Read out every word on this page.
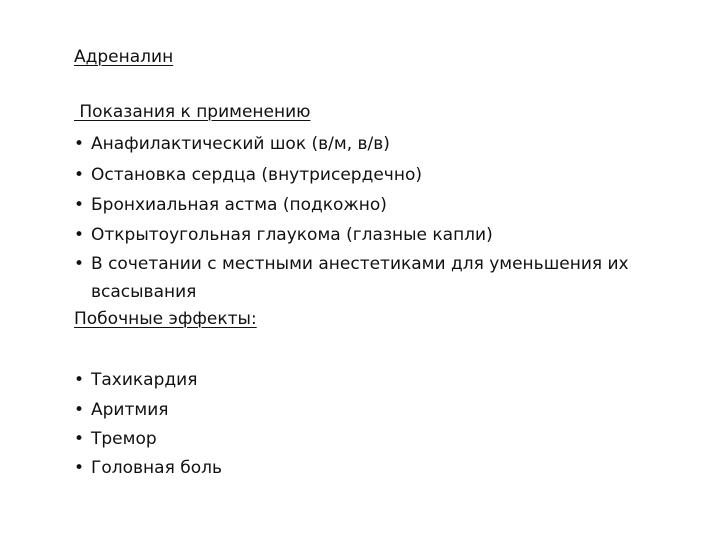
Адреналин
Показания к применению
• Анафилактический шок (в/м, в/в)
• Остановка сердца (внутрисердечно)
• Бронхиальная астма (подкожно)
• Открытоугольная глаукома (глазные капли)
• В сочетании с местными анестетиками для уменьшения их всасывания
Побочные эффекты:
• Тахикардия
• Аритмия
• Тремор
• Головная боль
